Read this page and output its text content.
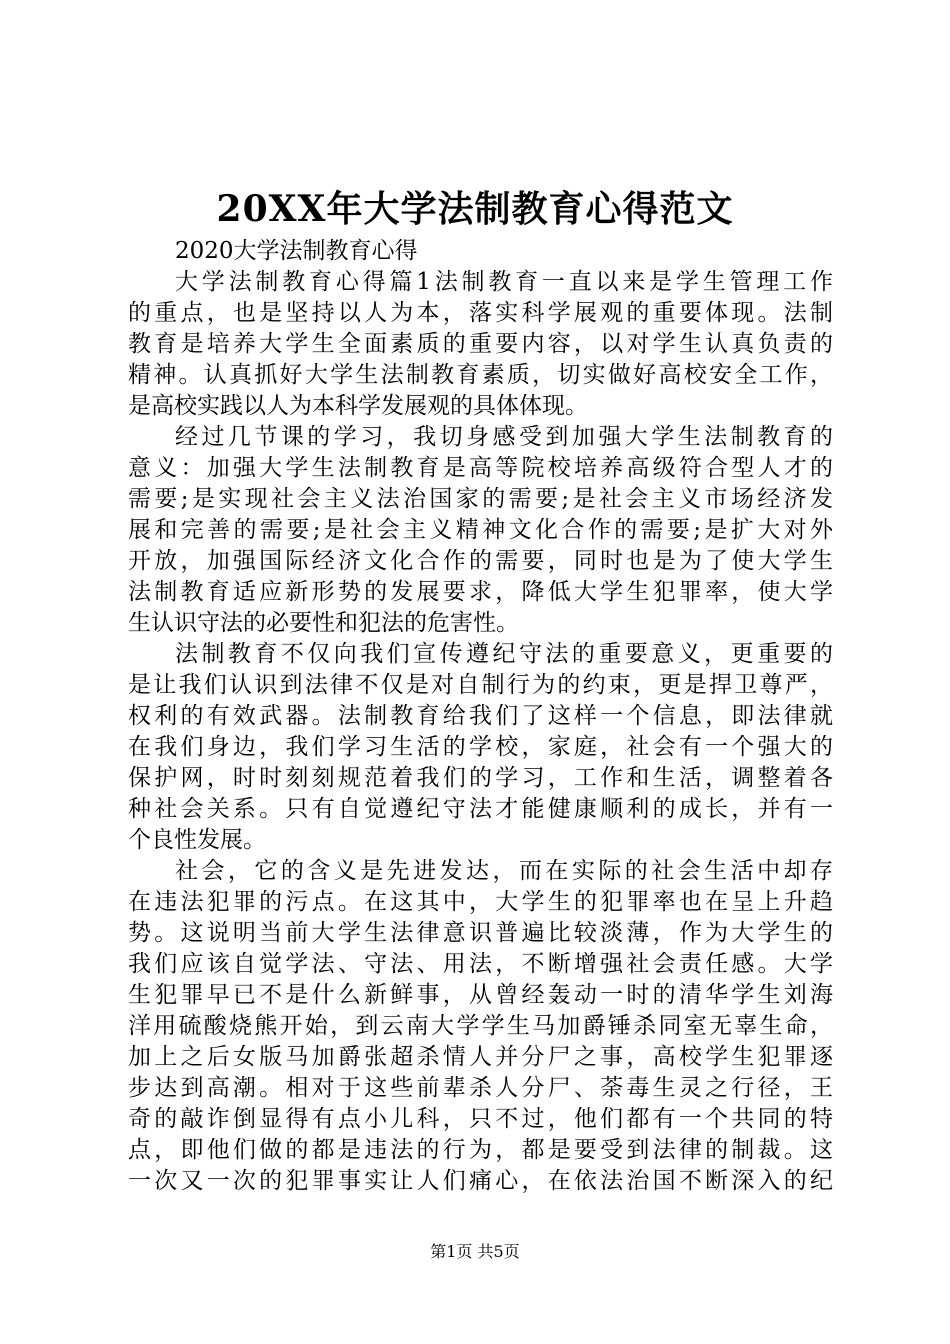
20XX年大学法制教育心得范文
2020大学法制教育心得
大学法制教育心得篇1法制教育一直以来是学生管理工作
的重点，也是坚持以人为本，落实科学展观的重要体现。法制
教育是培养大学生全面素质的重要内容，以对学生认真负责的
精神。认真抓好大学生法制教育素质，切实做好高校安全工作，
是高校实践以人为本科学发展观的具体体现。
经过几节课的学习，我切身感受到加强大学生法制教育的
意义：加强大学生法制教育是高等院校培养高级符合型人才的
需要;是实现社会主义法治国家的需要;是社会主义市场经济发
展和完善的需要;是社会主义精神文化合作的需要;是扩大对外
开放，加强国际经济文化合作的需要，同时也是为了使大学生
法制教育适应新形势的发展要求，降低大学生犯罪率，使大学
生认识守法的必要性和犯法的危害性。
法制教育不仅向我们宣传遵纪守法的重要意义，更重要的
是让我们认识到法律不仅是对自制行为的约束，更是捍卫尊严，
权利的有效武器。法制教育给我们了这样一个信息，即法律就
在我们身边，我们学习生活的学校，家庭，社会有一个强大的
保护网，时时刻刻规范着我们的学习，工作和生活，调整着各
种社会关系。只有自觉遵纪守法才能健康顺利的成长，并有一
个良性发展。
社会，它的含义是先进发达，而在实际的社会生活中却存
在违法犯罪的污点。在这其中，大学生的犯罪率也在呈上升趋
势。这说明当前大学生法律意识普遍比较淡薄，作为大学生的
我们应该自觉学法、守法、用法，不断增强社会责任感。大学
生犯罪早已不是什么新鲜事，从曾经轰动一时的清华学生刘海
洋用硫酸烧熊开始，到云南大学学生马加爵锤杀同室无辜生命，
加上之后女版马加爵张超杀情人并分尸之事，高校学生犯罪逐
步达到高潮。相对于这些前辈杀人分尸、荼毒生灵之行径，王
奇的敲诈倒显得有点小儿科，只不过，他们都有一个共同的特
点，即他们做的都是违法的行为，都是要受到法律的制裁。这
一次又一次的犯罪事实让人们痛心，在依法治国不断深入的纪
第1页 共5页
